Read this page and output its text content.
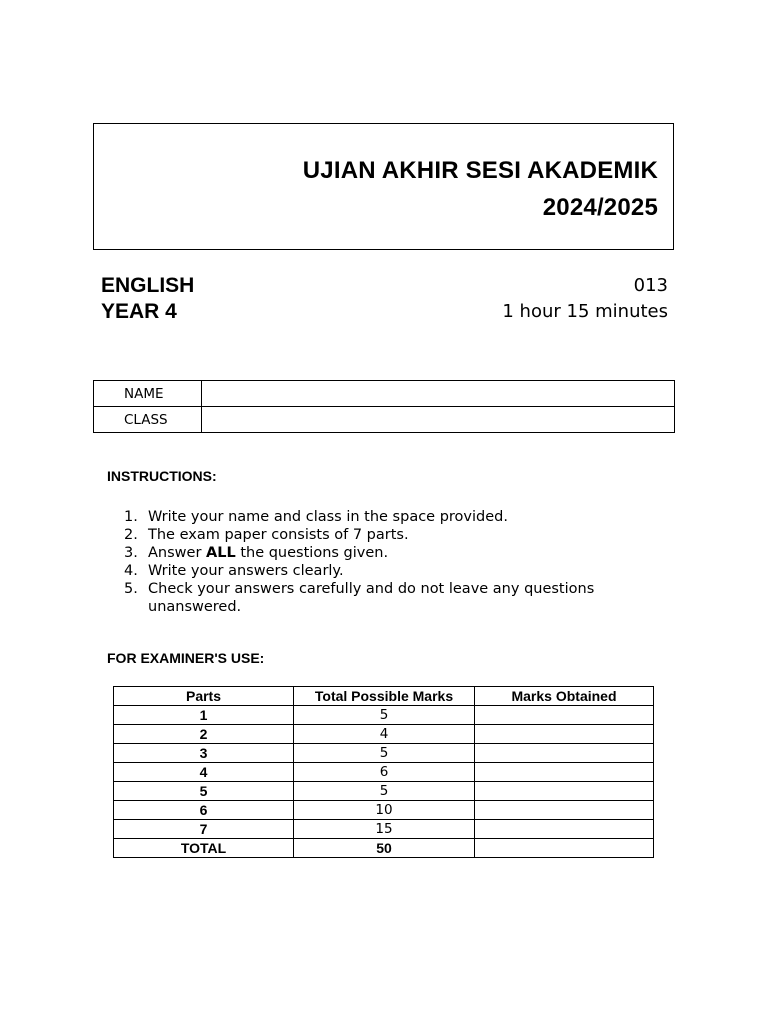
UJIAN AKHIR SESI AKADEMIK
2024/2025
ENGLISH
YEAR 4
013
1 hour 15 minutes
NAME	
CLASS	
INSTRUCTIONS:
1. Write your name and class in the space provided.
2. The exam paper consists of 7 parts.
3. Answer ALL the questions given.
4. Write your answers clearly.
5. Check your answers carefully and do not leave any questions unanswered.
FOR EXAMINER'S USE:
Parts	Total Possible Marks	Marks Obtained
1	5	
2	4	
3	5	
4	6	
5	5	
6	10	
7	15	
TOTAL	50	
